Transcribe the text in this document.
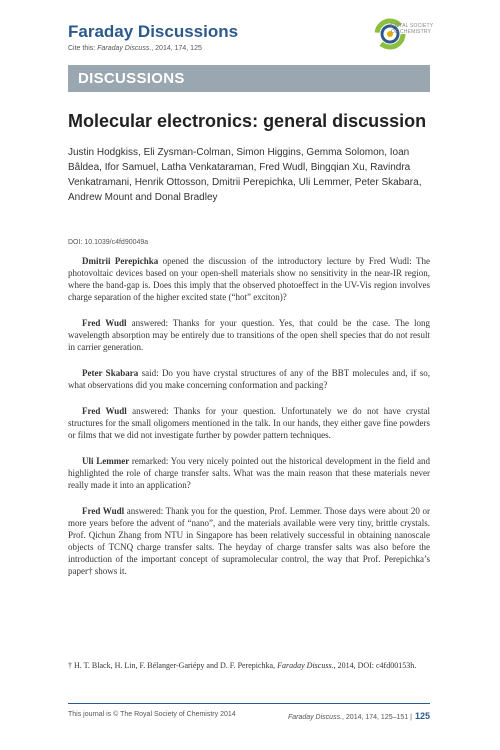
Faraday Discussions
Cite this: Faraday Discuss., 2014, 174, 125
ROYAL SOCIETY
OF CHEMISTRY
DISCUSSIONS
Molecular electronics: general discussion
Justin Hodgkiss, Eli Zysman-Colman, Simon Higgins, Gemma Solomon, Ioan Bâldea, Ifor Samuel, Latha Venkataraman, Fred Wudl, Bingqian Xu, Ravindra Venkatramani, Henrik Ottosson, Dmitrii Perepichka, Uli Lemmer, Peter Skabara, Andrew Mount and Donal Bradley
DOI: 10.1039/c4fd90049a

Dmitrii Perepichka opened the discussion of the introductory lecture by Fred Wudl: The photovoltaic devices based on your open-shell materials show no sensitivity in the near-IR region, where the band-gap is. Does this imply that the observed photoeffect in the UV-Vis region involves charge separation of the higher excited state (“hot” exciton)?

Fred Wudl answered: Thanks for your question. Yes, that could be the case. The long wavelength absorption may be entirely due to transitions of the open shell species that do not result in carrier generation.

Peter Skabara said: Do you have crystal structures of any of the BBT molecules and, if so, what observations did you make concerning conformation and packing?

Fred Wudl answered: Thanks for your question. Unfortunately we do not have crystal structures for the small oligomers mentioned in the talk. In our hands, they either gave fine powders or films that we did not investigate further by powder pattern techniques.

Uli Lemmer remarked: You very nicely pointed out the historical development in the field and highlighted the role of charge transfer salts. What was the main reason that these materials never really made it into an application?

Fred Wudl answered: Thank you for the question, Prof. Lemmer. Those days were about 20 or more years before the advent of “nano”, and the materials available were very tiny, brittle crystals. Prof. Qichun Zhang from NTU in Singapore has been relatively successful in obtaining nanoscale objects of TCNQ charge transfer salts. The heyday of charge transfer salts was also before the introduction of the important concept of supramolecular control, the way that Prof. Perepichka’s paper† shows it.

† H. T. Black, H. Lin, F. Bélanger-Gariépy and D. F. Perepichka, Faraday Discuss., 2014, DOI: c4fd00153h.
This journal is © The Royal Society of Chemistry 2014	Faraday Discuss., 2014, 174, 125–151 | 125
